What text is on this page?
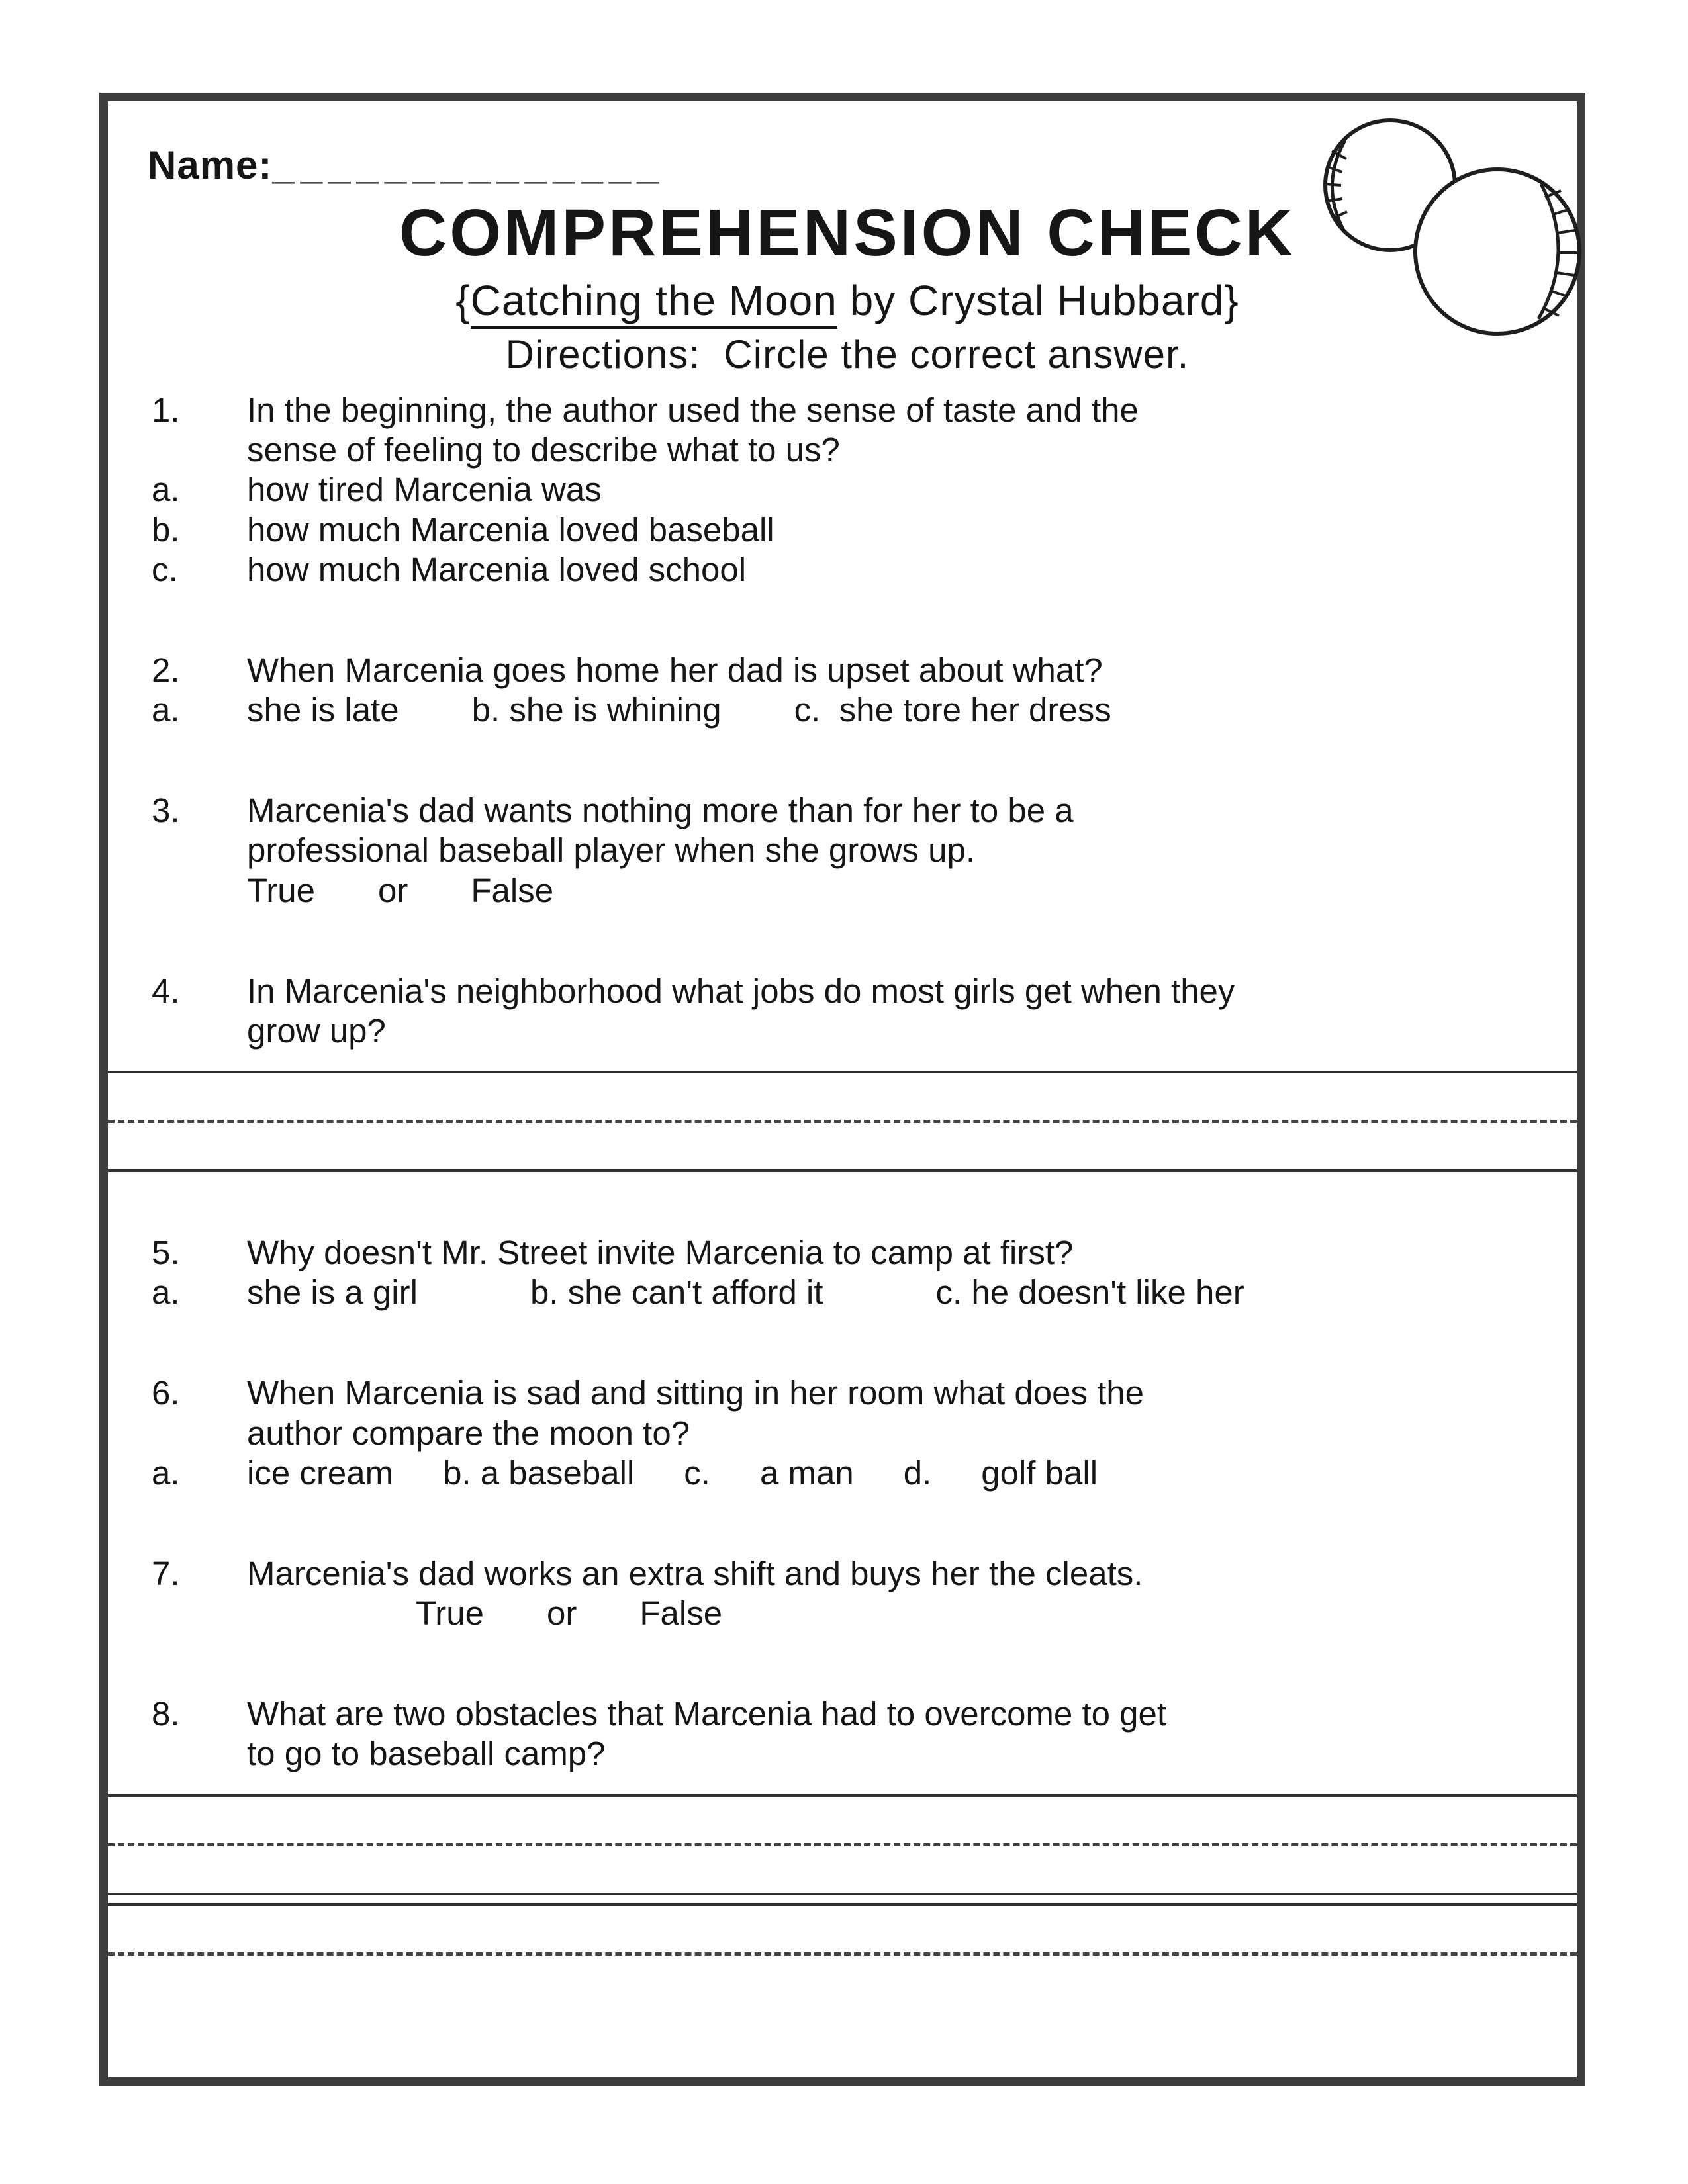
Name:______________
COMPREHENSION CHECK
{Catching the Moon by Crystal Hubbard}
Directions:  Circle the correct answer.
1.	In the beginning, the author used the sense of taste and the
sense of feeling to describe what to us?
a.	how tired Marcenia was
b.	how much Marcenia loved baseball
c.	how much Marcenia loved school
2.	When Marcenia goes home her dad is upset about what?
a.	she is late b. she is whining c.  she tore her dress
3.	Marcenia's dad wants nothing more than for her to be a
professional baseball player when she grows up.
True or False
4.	In Marcenia's neighborhood what jobs do most girls get when they
grow up?
5.	Why doesn't Mr. Street invite Marcenia to camp at first?
a.	she is a girl	b. she can't afford it	c. he doesn't like her
6.	When Marcenia is sad and sitting in her room what does the
author compare the moon to?
a.	ice cream b. a baseball c. a man d. golf ball
7.	Marcenia's dad works an extra shift and buys her the cleats.
True or False
8.	What are two obstacles that Marcenia had to overcome to get
to go to baseball camp?
